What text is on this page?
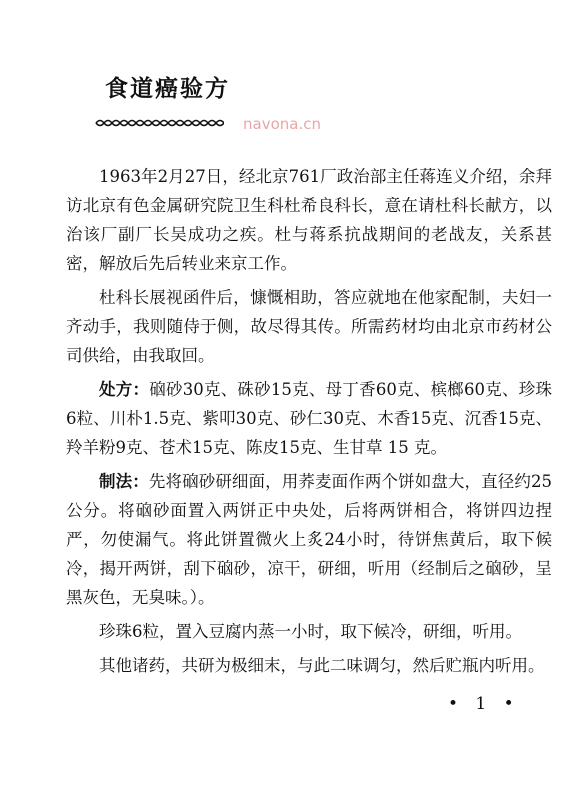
食道癌验方
navona.cn

1963年2月27日，经北京761厂政治部主任蒋连义介绍，余拜访北京有色金属研究院卫生科杜希良科长，意在请杜科长献方，以治该厂副厂长吴成功之疾。杜与蒋系抗战期间的老战友，关系甚密，解放后先后转业来京工作。

杜科长展视函件后，慷慨相助，答应就地在他家配制，夫妇一齐动手，我则随侍于侧，故尽得其传。所需药材均由北京市药材公司供给，由我取回。

处方：硇砂30克、硃砂15克、母丁香60克、槟榔60克、珍珠6粒、川朴1.5克、紫叩30克、砂仁30克、木香15克、沉香15克、羚羊粉9克、苍术15克、陈皮15克、生甘草 15 克。

制法：先将硇砂研细面，用荞麦面作两个饼如盘大，直径约25公分。将硇砂面置入两饼正中央处，后将两饼相合，将饼四边捏严，勿使漏气。将此饼置微火上炙24小时，待饼焦黄后，取下候冷，揭开两饼，刮下硇砂，凉干，研细，听用（经制后之硇砂，呈黑灰色，无臭味。）。

珍珠6粒，置入豆腐内蒸一小时，取下候冷，研细，听用。

其他诸药，共研为极细末，与此二味调匀，然后贮瓶内听用。

• 1 •
